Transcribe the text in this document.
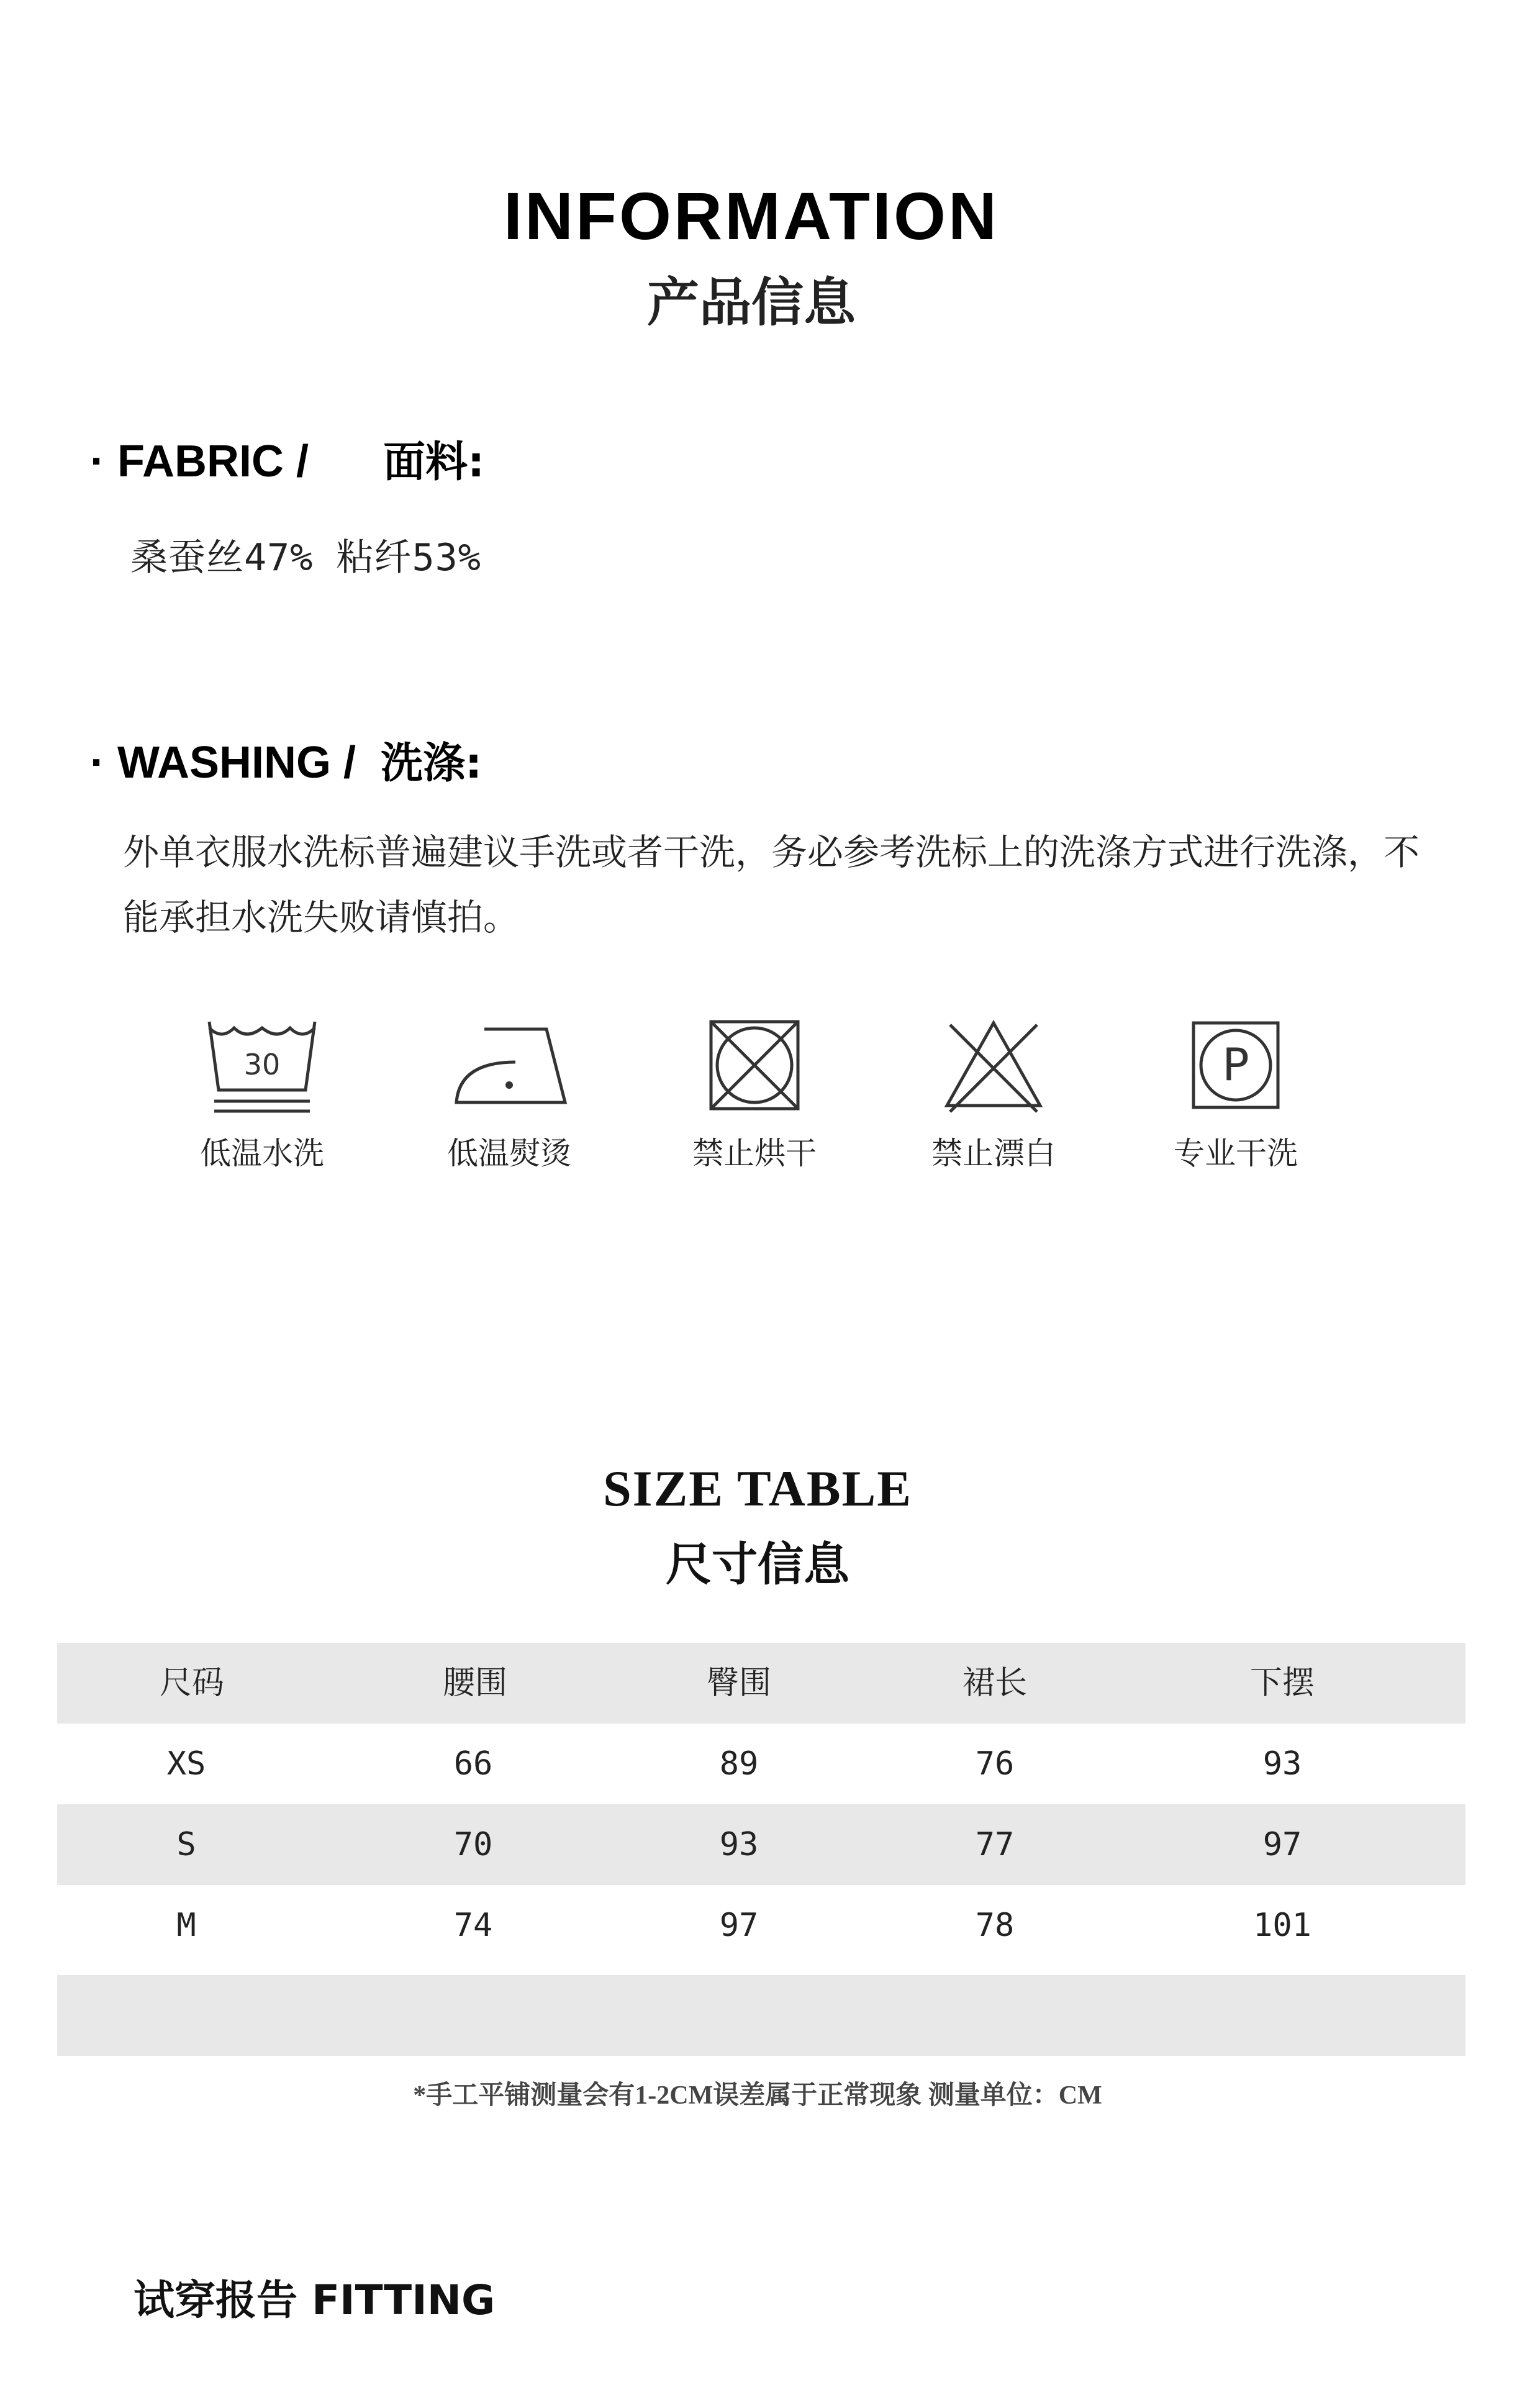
INFORMATION
产品信息
· FABRIC / 面料:
桑蚕丝47% 粘纤53%
· WASHING / 洗涤:
外单衣服水洗标普遍建议手洗或者干洗，务必参考洗标上的洗涤方式进行洗涤，不能承担水洗失败请慎拍。
30
低温水洗	低温熨烫	禁止烘干	禁止漂白
P
专业干洗
SIZE TABLE
尺寸信息
尺码	腰围	臀围	裙长	下摆
XS	66	89	76	93
S	70	93	77	97
M	74	97	78	101
*手工平铺测量会有1-2CM误差属于正常现象 测量单位：CM
试穿报告 FITTING
